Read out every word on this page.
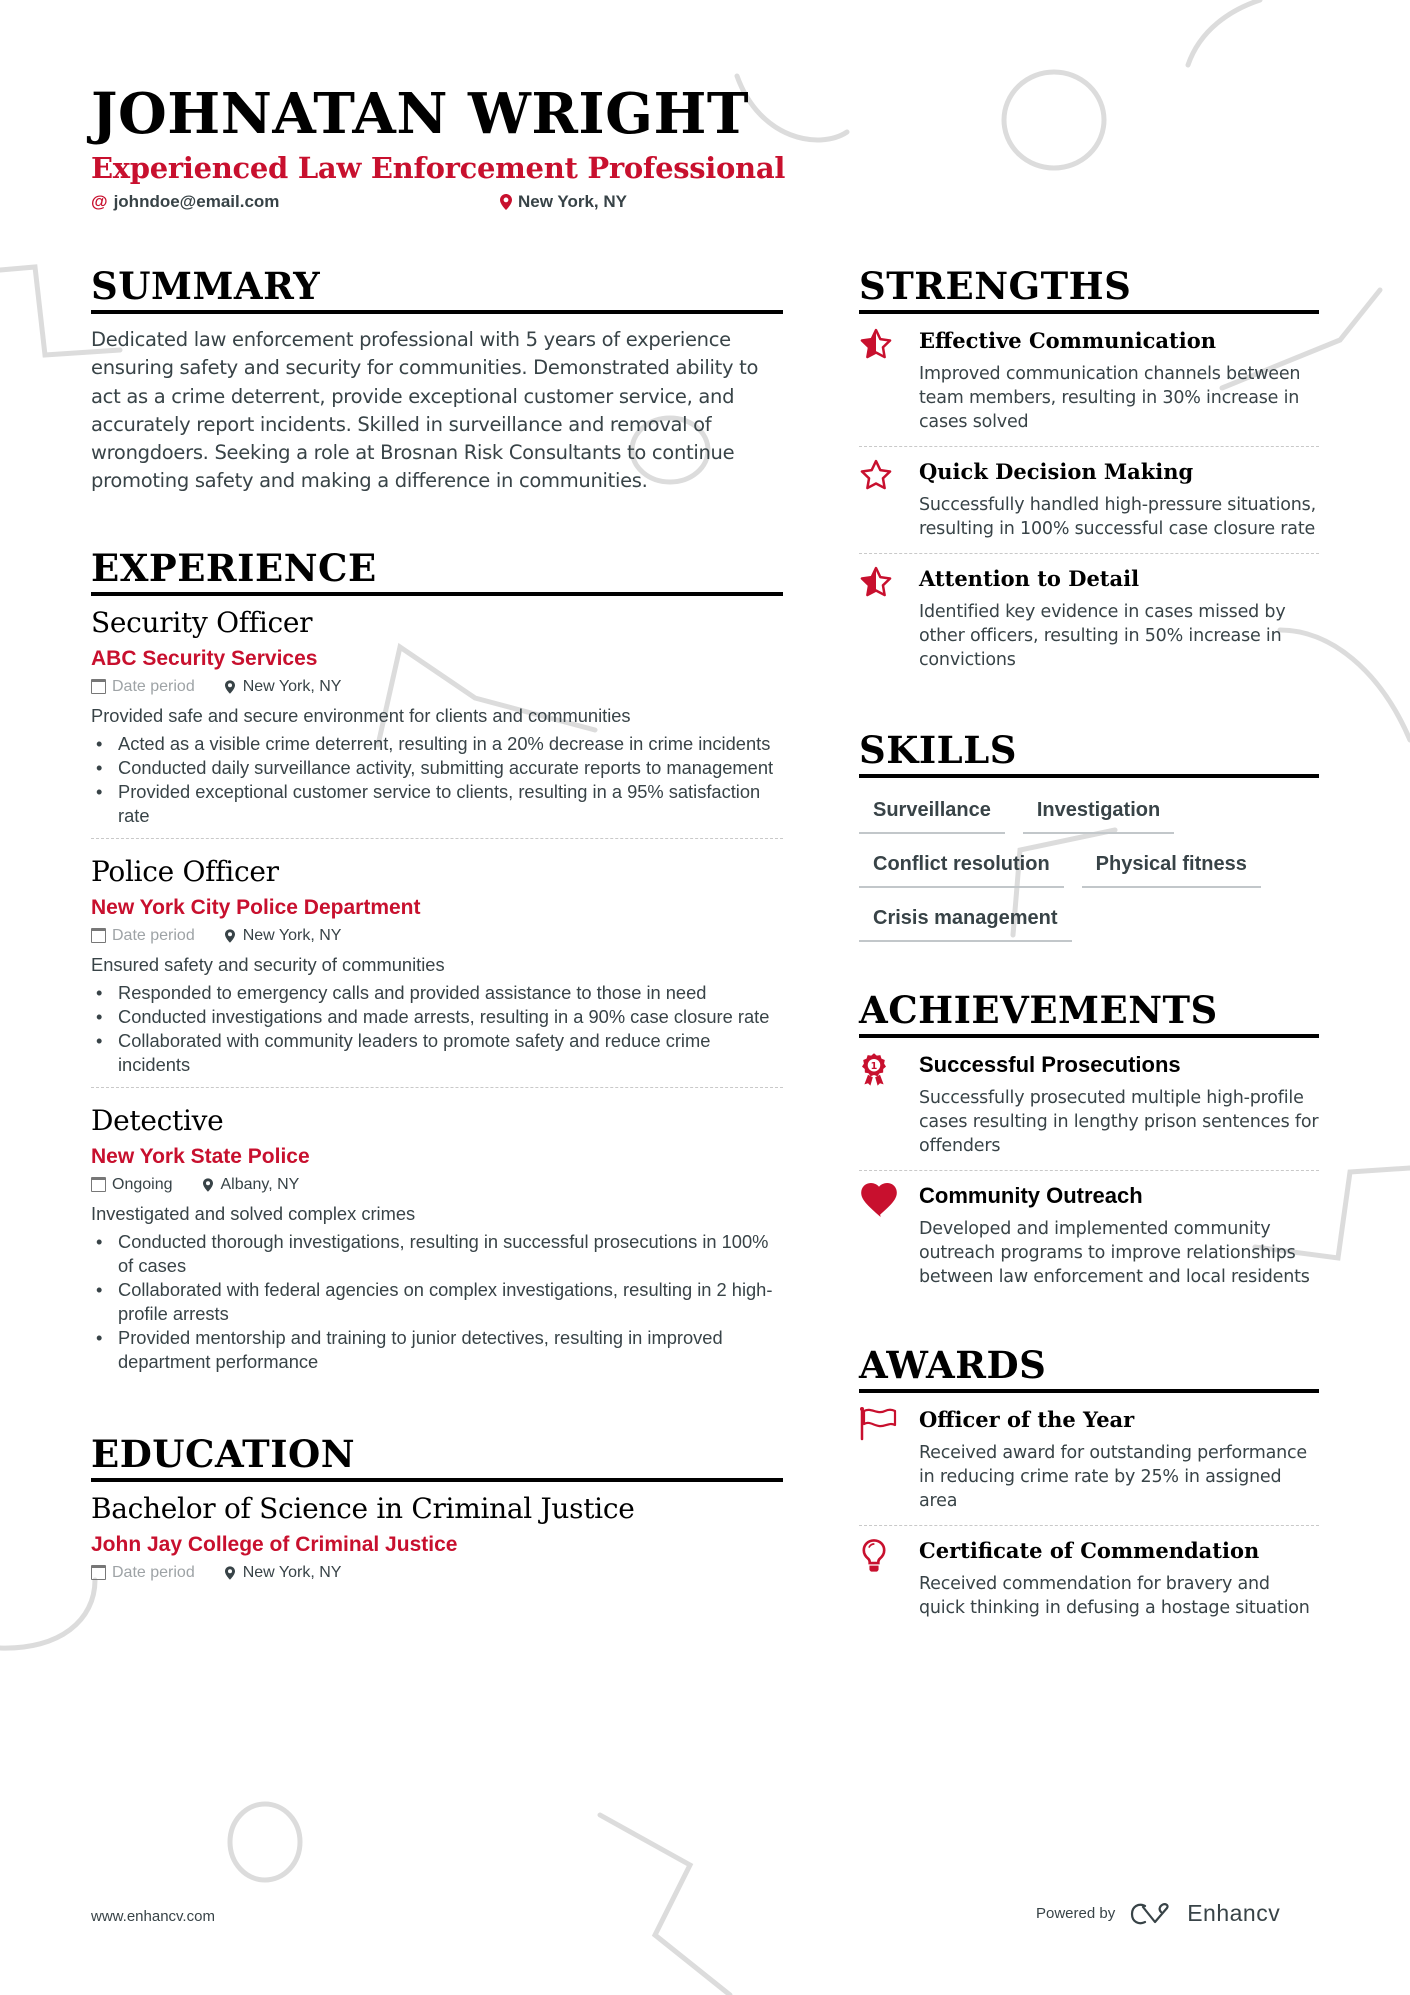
JOHNATAN WRIGHT
Experienced Law Enforcement Professional
@ johndoe@email.com	New York, NY
SUMMARY

Dedicated law enforcement professional with 5 years of experience ensuring safety and security for communities. Demonstrated ability to act as a crime deterrent, provide exceptional customer service, and accurately report incidents. Skilled in surveillance and removal of wrongdoers. Seeking a role at Brosnan Risk Consultants to continue promoting safety and making a difference in communities.

EXPERIENCE
Security Officer
ABC Security Services
Date period	New York, NY
Provided safe and secure environment for clients and communities
• Acted as a visible crime deterrent, resulting in a 20% decrease in crime incidents
• Conducted daily surveillance activity, submitting accurate reports to management
• Provided exceptional customer service to clients, resulting in a 95% satisfaction rate
Police Officer
New York City Police Department
Date period	New York, NY
Ensured safety and security of communities
• Responded to emergency calls and provided assistance to those in need
• Conducted investigations and made arrests, resulting in a 90% case closure rate
• Collaborated with community leaders to promote safety and reduce crime incidents
Detective
New York State Police
Ongoing	Albany, NY
Investigated and solved complex crimes
• Conducted thorough investigations, resulting in successful prosecutions in 100% of cases
• Collaborated with federal agencies on complex investigations, resulting in 2 high-profile arrests
• Provided mentorship and training to junior detectives, resulting in improved department performance
EDUCATION
Bachelor of Science in Criminal Justice
John Jay College of Criminal Justice
Date period	New York, NY
STRENGTHS
Effective Communication
Improved communication channels between team members, resulting in 30% increase in cases solved
Quick Decision Making
Successfully handled high-pressure situations, resulting in 100% successful case closure rate
Attention to Detail
Identified key evidence in cases missed by other officers, resulting in 50% increase in convictions
SKILLS
Surveillance	Investigation
Conflict resolution	Physical fitness
Crisis management
ACHIEVEMENTS
1 Successful Prosecutions
Successfully prosecuted multiple high-profile cases resulting in lengthy prison sentences for offenders
Community Outreach
Developed and implemented community outreach programs to improve relationships between law enforcement and local residents
AWARDS
Officer of the Year
Received award for outstanding performance in reducing crime rate by 25% in assigned area
Certificate of Commendation
Received commendation for bravery and quick thinking in defusing a hostage situation
www.enhancv.com	Powered by	Enhancv
